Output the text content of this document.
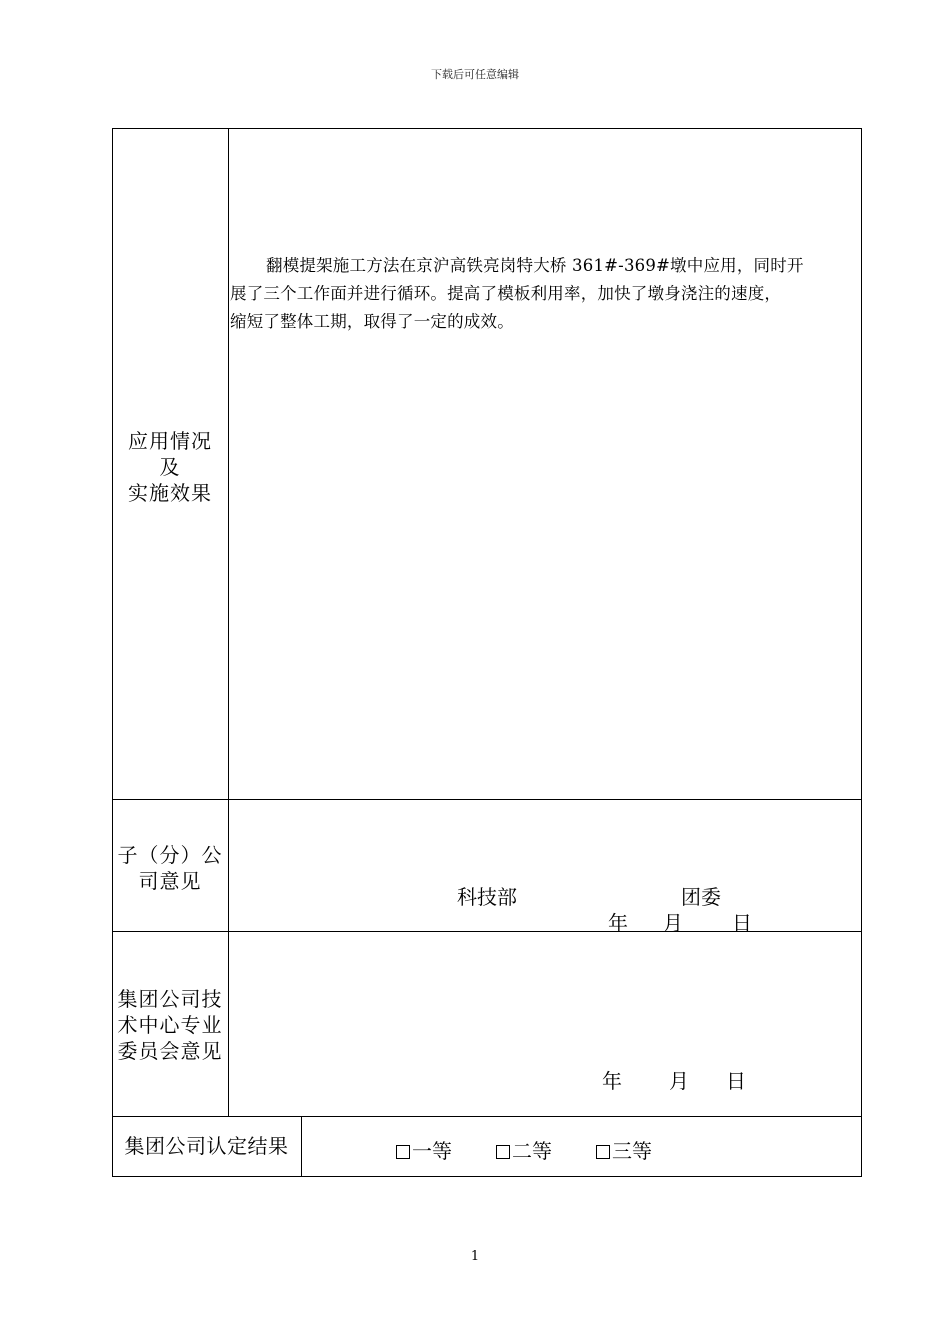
下载后可任意编辑
应用情况
及
实施效果
翻模提架施工方法在京沪高铁亮岗特大桥 361#-369#墩中应用，同时开
展了三个工作面并进行循环。提高了模板利用率，加快了墩身浇注的速度，
缩短了整体工期，取得了一定的成效。
子（分）公
司意见
科技部	团委
年 月 日
集团公司技
术中心专业
委员会意见
年 月 日
集团公司认定结果	一等	二等	三等
1
